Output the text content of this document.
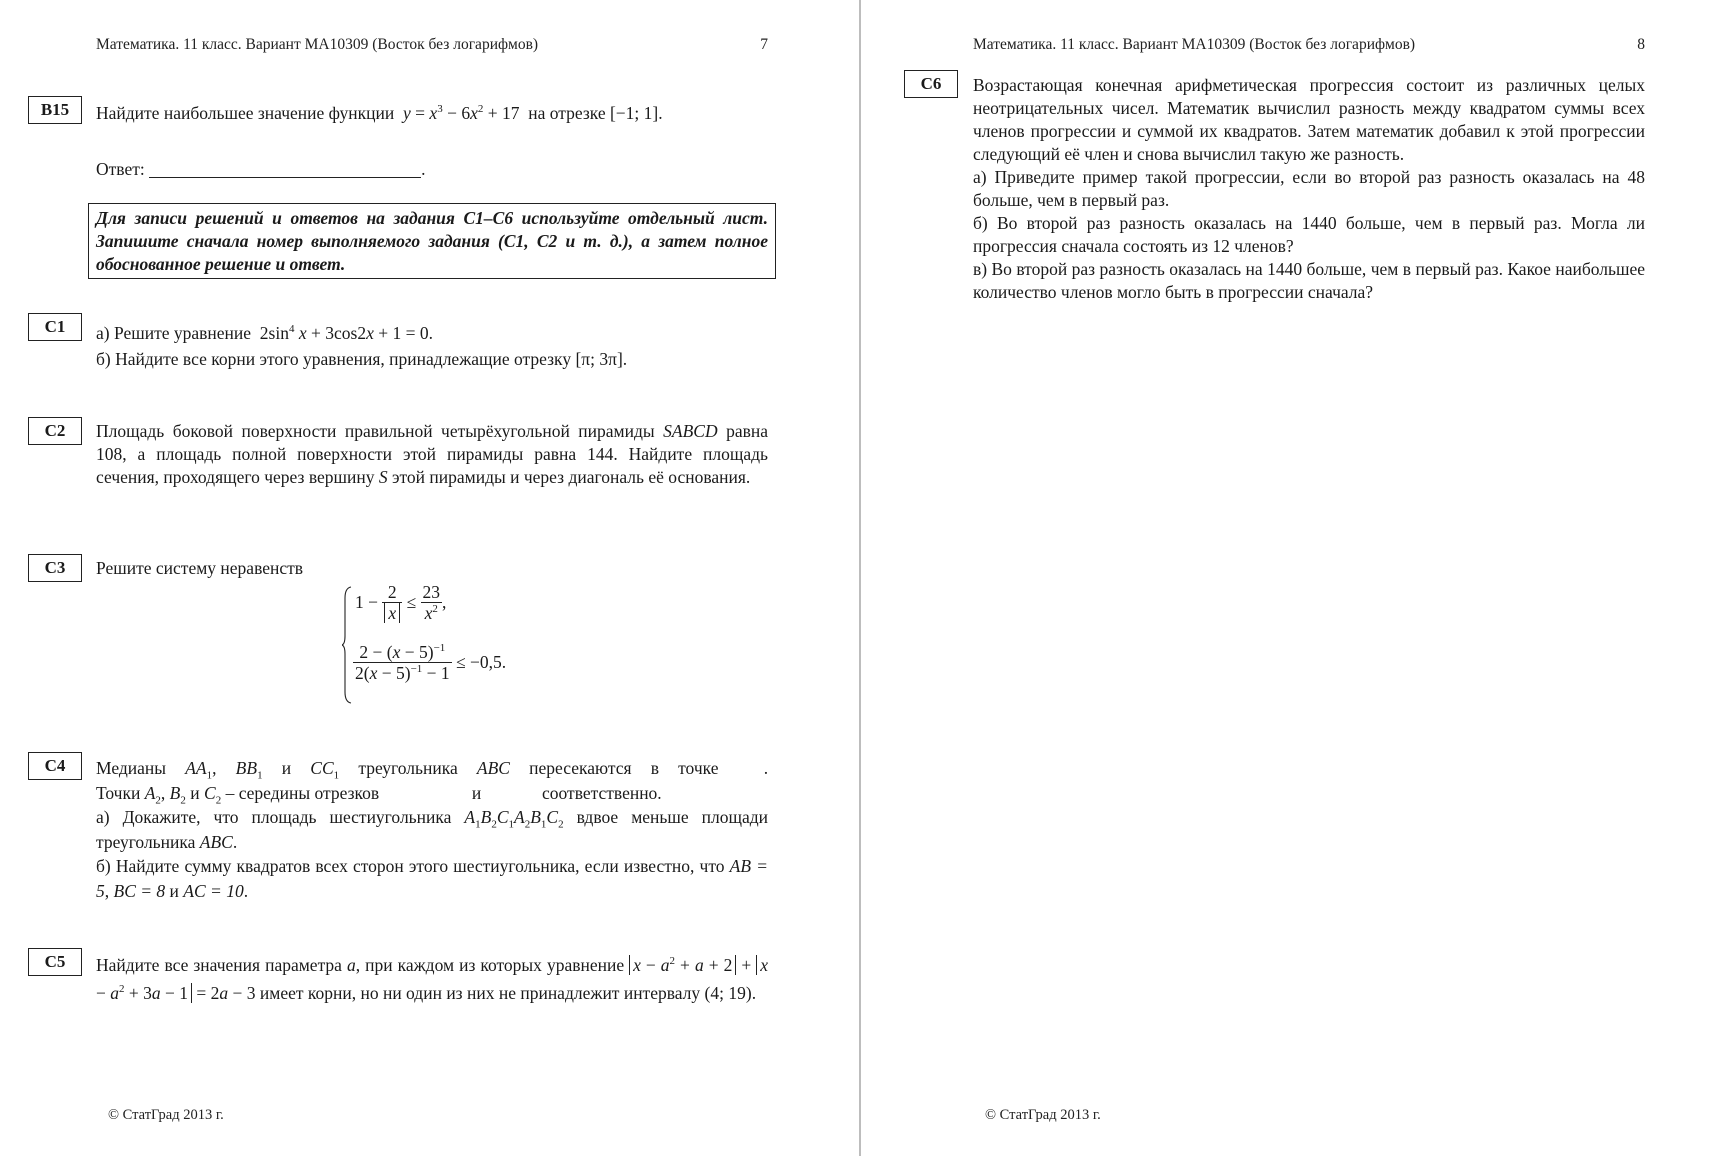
Математика. 11 класс. Вариант МА10309 (Восток без логарифмов)	7
B15	Найдите наибольшее значение функции $y = x^3 - 6x^2 + 17$  на отрезке [−1; 1].
Ответ:	.
Для записи решений и ответов на задания С1–С6 используйте отдельный лист. Запишите сначала номер выполняемого задания (С1, С2 и т. д.), а затем полное обоснованное решение и ответ.
C1	а) Решите уравнение $2\sin^4$ x + 3cos2x + 1 = 0.
б) Найдите все корни этого уравнения, принадлежащие отрезку [π; 3π].
C2	Площадь боковой поверхности правильной четырёхугольной пирамиды SABCD равна 108, а площадь полной поверхности этой пирамиды равна 144. Найдите площадь сечения, проходящего через вершину S этой пирамиды и через диагональ её основания.
C3	Решите систему неравенств
$1 - \frac{2}{x} \le \frac{23}{x^2}$ ,
$\frac{2 - (x - 5)^{-1}}{2(x - 5)^{-1} - 1} \le -0,5$.
C4	Медианы $AA_1$, $BB_1$ и $CC_1$ треугольника ABC пересекаются в точке	.
Точки $A_2$, $B_2$ и $C_2$ – середины отрезков	и	соответственно.
а) Докажите, что площадь шестиугольника $A_1B_2C_1A_2B_1C_2$ вдвое меньше площади треугольника ABC.
б) Найдите сумму квадратов всех сторон этого шестиугольника, если известно, что AB = 5, BC = 8 и AC = 10.
C5	Найдите все значения параметра a, при каждом из которых уравнение $x - a^2 + a + 2 + x - a^2 + 3a - 1 = 2a - 3$ имеет корни, но ни один из них не принадлежит интервалу (4; 19).
© СтатГрад 2013 г.
Математика. 11 класс. Вариант МА10309 (Восток без логарифмов)	8
C6	Возрастающая конечная арифметическая прогрессия состоит из различных целых неотрицательных чисел. Математик вычислил разность между квадратом суммы всех членов прогрессии и суммой их квадратов. Затем математик добавил к этой прогрессии следующий её член и снова вычислил такую же разность.
а) Приведите пример такой прогрессии, если во второй раз разность оказалась на 48 больше, чем в первый раз.
б) Во второй раз разность оказалась на 1440 больше, чем в первый раз. Могла ли прогрессия сначала состоять из 12 членов?
в) Во второй раз разность оказалась на 1440 больше, чем в первый раз. Какое наибольшее количество членов могло быть в прогрессии сначала?
© СтатГрад 2013 г.
